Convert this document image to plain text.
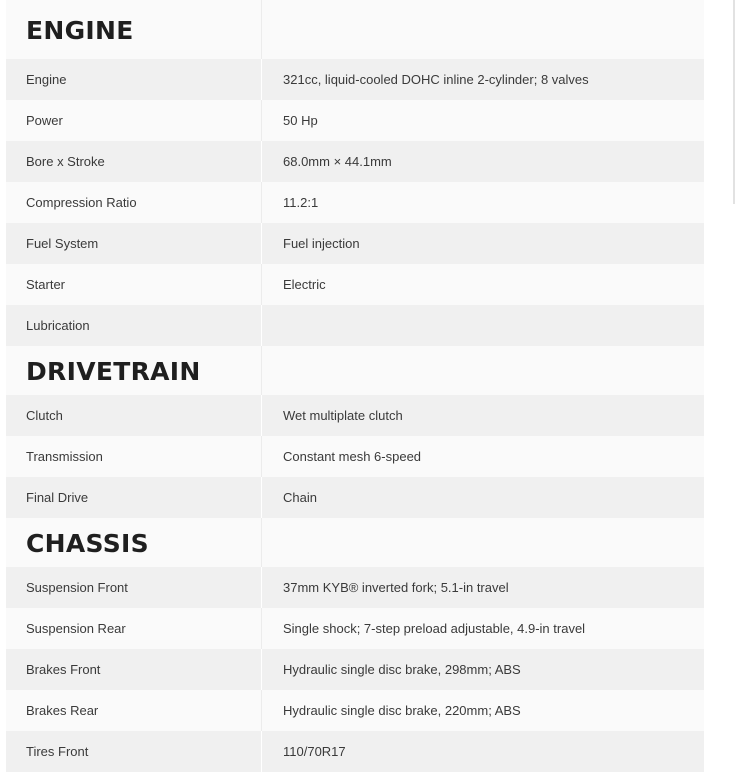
ENGINE
Engine	321cc, liquid-cooled DOHC inline 2-cylinder; 8 valves
Power	50 Hp
Bore x Stroke	68.0mm × 44.1mm
Compression Ratio	11.2:1
Fuel System	Fuel injection
Starter	Electric
Lubrication
DRIVETRAIN
Clutch	Wet multiplate clutch
Transmission	Constant mesh 6-speed
Final Drive	Chain
CHASSIS
Suspension Front	37mm KYB® inverted fork; 5.1-in travel
Suspension Rear	Single shock; 7-step preload adjustable, 4.9-in travel
Brakes Front	Hydraulic single disc brake, 298mm; ABS
Brakes Rear	Hydraulic single disc brake, 220mm; ABS
Tires Front	110/70R17
